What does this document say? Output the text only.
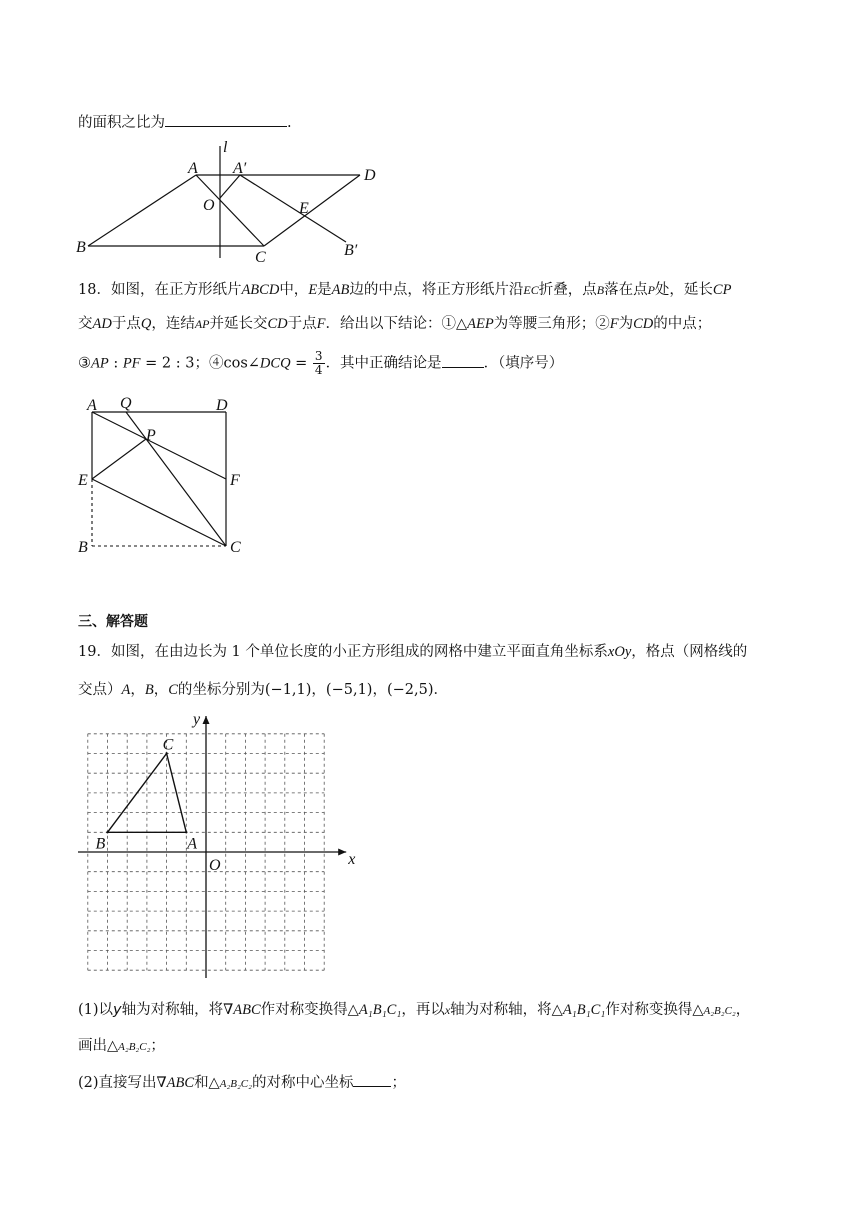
的面积之比为	.
A
l
A′	D
O	E
B
C	B′
18．如图，在正方形纸片ABCD中，E是AB边的中点，将正方形纸片沿EC折叠，点B落在点P处，延长CP
交AD于点Q，连结AP并延长交CD于点F．给出以下结论：①△AEP为等腰三角形；②F为CD的中点；
③AP : PF = 2 : 3；④cos∠DCQ = $\frac{3}{4}$ ．其中正确结论是	．（填序号）
A Q	D
P
E	F
B	C
三、解答题
19．如图，在由边长为 1 个单位长度的小正方形组成的网格中建立平面直角坐标系xOy，格点（网格线的
交点）A，B，C的坐标分别为(−1,1)，(−5,1)，(−2,5)．
x
y
O
A
B
C
(1)以y轴为对称轴，将∇ABC作对称变换得△A₁B₁C₁，再以x轴为对称轴，将△A₁B₁C₁作对称变换得△A₂B₂C₂，
画出△A₂B₂C₂；
(2)直接写出∇ABC和△A₂B₂C₂的对称中心坐标	；
